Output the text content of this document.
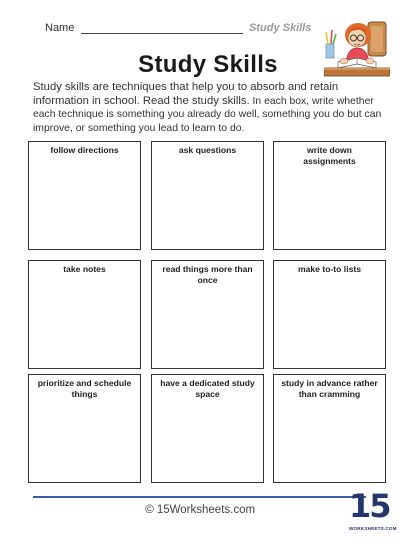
Name	Study Skills
Study Skills

Study skills are techniques that help you to absorb and retain information in school. Read the study skills. In each box, write whether each technique is something you already do well, something you do but can improve, or something you lead to learn to do.

follow directions	ask questions	write down assignments
take notes	read things more than once
make to-to lists
prioritize and schedule things
have a dedicated study space
study in advance rather than cramming
© 15Worksheets.com	15
WORKSHEETS.COM
